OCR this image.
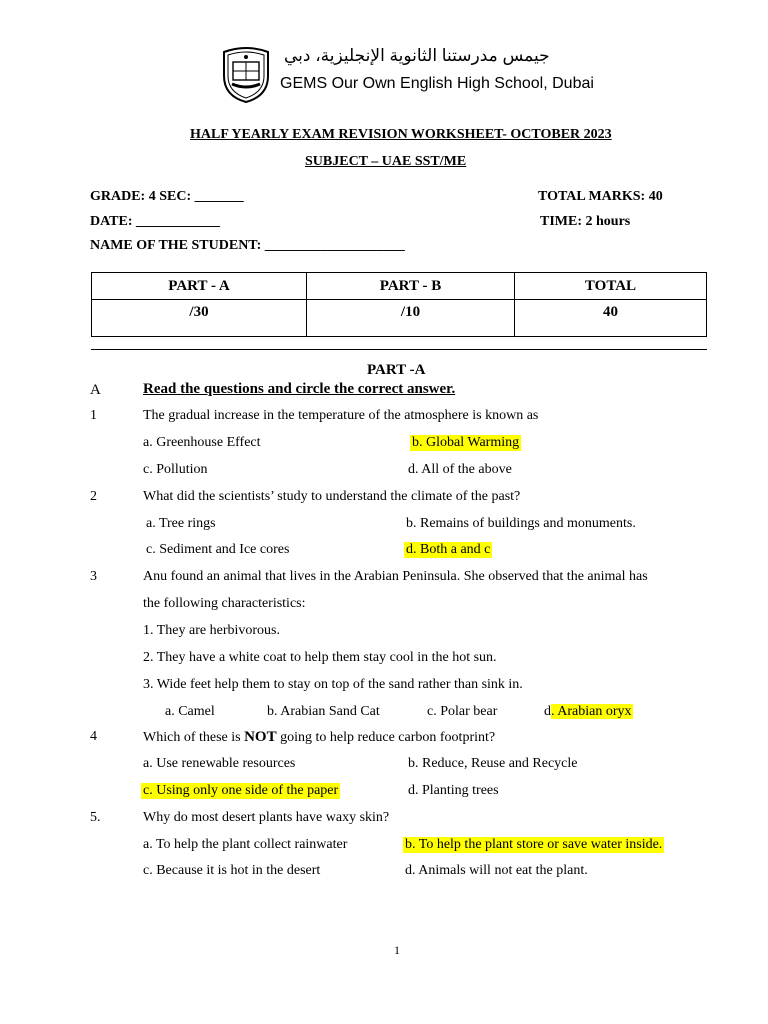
جيمس مدرستنا الثانوية الإنجليزية، دبي
GEMS Our Own English High School, Dubai
HALF YEARLY EXAM REVISION WORKSHEET- OCTOBER 2023
SUBJECT – UAE SST/ME
GRADE: 4 SEC: _______	TOTAL MARKS: 40
DATE: ____________	TIME: 2 hours
NAME OF THE STUDENT: ____________________
PART - A	PART - B	TOTAL
/30	/10	40
PART -A
A	Read the questions and circle the correct answer.
1	The gradual increase in the temperature of the atmosphere is known as
a. Greenhouse Effect	b. Global Warming
c. Pollution	d. All of the above
2	What did the scientists’ study to understand the climate of the past?
a. Tree rings	b. Remains of buildings and monuments.
c. Sediment and Ice cores	d. Both a and c
3	Anu found an animal that lives in the Arabian Peninsula. She observed that the animal has
the following characteristics:
1. They are herbivorous.
2. They have a white coat to help them stay cool in the hot sun.
3. Wide feet help them to stay on top of the sand rather than sink in.
a. Camel	b. Arabian Sand Cat	c. Polar bear	d. Arabian oryx
4	Which of these is NOT going to help reduce carbon footprint?
a. Use renewable resources	b. Reduce, Reuse and Recycle
c. Using only one side of the paper	d. Planting trees
5.	Why do most desert plants have waxy skin?
a. To help the plant collect rainwater	b. To help the plant store or save water inside.
c. Because it is hot in the desert	d. Animals will not eat the plant.
1
